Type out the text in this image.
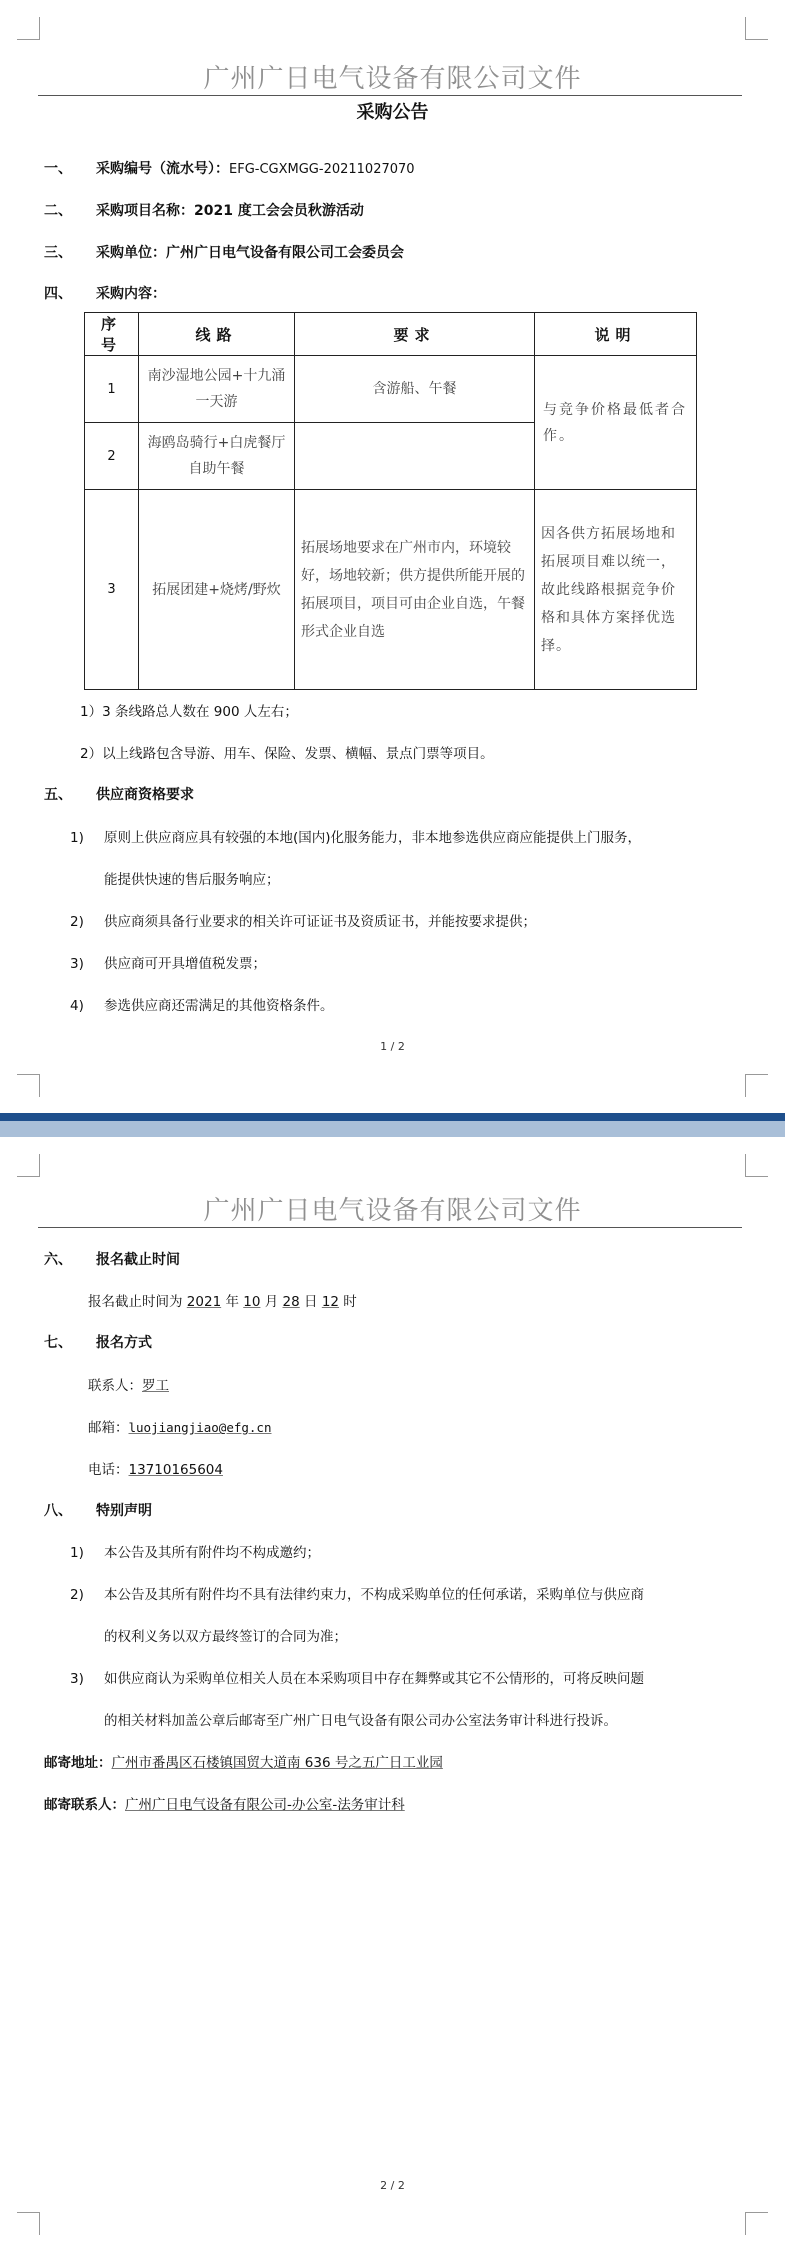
广州广日电气设备有限公司文件
采购公告
一、 采购编号（流水号）：EFG-CGXMGG-20211027070
二、 采购项目名称：2021 度工会会员秋游活动
三、 采购单位：广州广日电气设备有限公司工会委员会
四、 采购内容：
序号	线路	要求	说明
1	南沙湿地公园+十九涌一天游	含游船、午餐	与竞争价格最低者合作。
2	海鸥岛骑行+白虎餐厅自助午餐		
3	拓展团建+烧烤/野炊	拓展场地要求在广州市内，环境较好，场地较新；供方提供所能开展的拓展项目，项目可由企业自选，午餐形式企业自选	因各供方拓展场地和拓展项目难以统一，故此线路根据竞争价格和具体方案择优选择。
1）3 条线路总人数在 900 人左右；
2）以上线路包含导游、用车、保险、发票、横幅、景点门票等项目。
五、 供应商资格要求
1) 原则上供应商应具有较强的本地(国内)化服务能力，非本地参选供应商应能提供上门服务，
能提供快速的售后服务响应；
2) 供应商须具备行业要求的相关许可证证书及资质证书，并能按要求提供；
3) 供应商可开具增值税发票；
4) 参选供应商还需满足的其他资格条件。
1 / 2
广州广日电气设备有限公司文件
六、 报名截止时间
报名截止时间为 2021 年 10 月 28 日 12 时
七、 报名方式
联系人：罗工
邮箱：luojiangjiao@efg.cn
电话：13710165604
八、 特别声明
1) 本公告及其所有附件均不构成邀约；
2) 本公告及其所有附件均不具有法律约束力，不构成采购单位的任何承诺，采购单位与供应商
的权利义务以双方最终签订的合同为准；
3) 如供应商认为采购单位相关人员在本采购项目中存在舞弊或其它不公情形的，可将反映问题
的相关材料加盖公章后邮寄至广州广日电气设备有限公司办公室法务审计科进行投诉。
邮寄地址：广州市番禺区石楼镇国贸大道南 636 号之五广日工业园
邮寄联系人：广州广日电气设备有限公司-办公室-法务审计科
2 / 2
